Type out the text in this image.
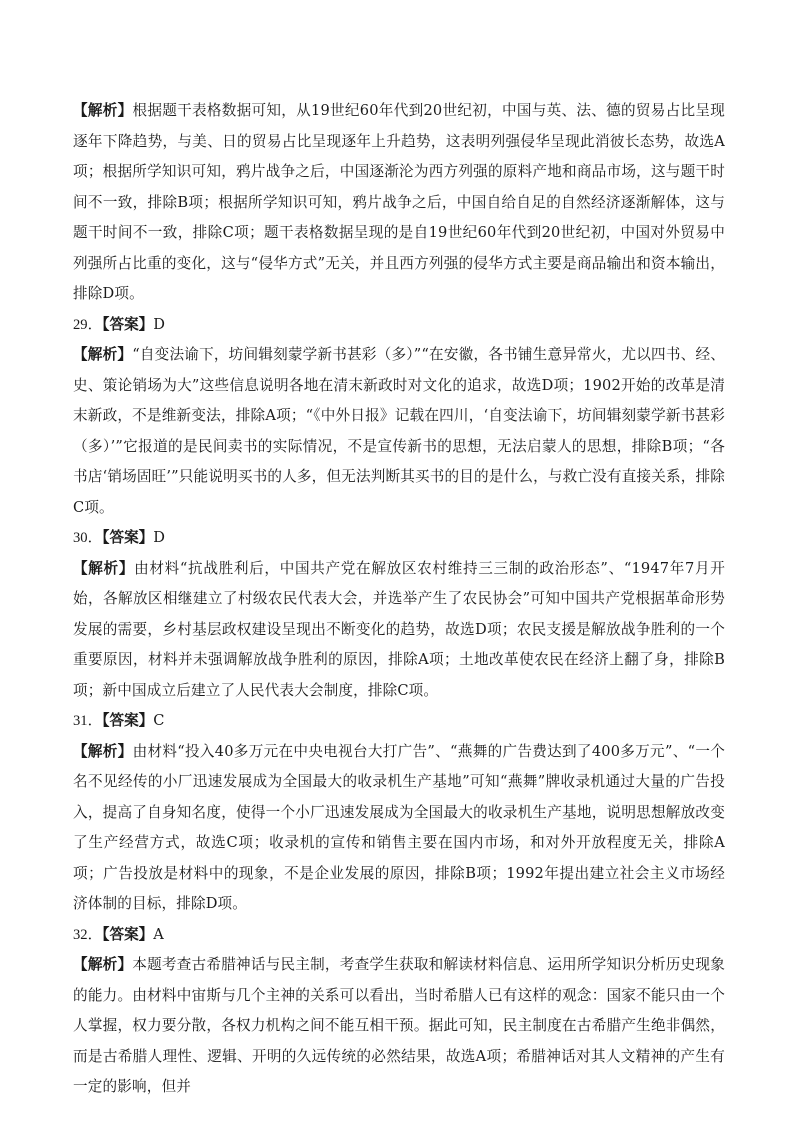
【解析】根据题干表格数据可知，从19世纪60年代到20世纪初，中国与英、法、德的贸易占比呈现逐年下降趋势，与美、日的贸易占比呈现逐年上升趋势，这表明列强侵华呈现此消彼长态势，故选A项；根据所学知识可知，鸦片战争之后，中国逐渐沦为西方列强的原料产地和商品市场，这与题干时间不一致，排除B项；根据所学知识可知，鸦片战争之后，中国自给自足的自然经济逐渐解体，这与题干时间不一致，排除C项；题干表格数据呈现的是自19世纪60年代到20世纪初，中国对外贸易中列强所占比重的变化，这与“侵华方式”无关，并且西方列强的侵华方式主要是商品输出和资本输出，排除D项。

29．【答案】D

【解析】“自变法谕下，坊间辑刻蒙学新书甚彩（多）”“在安徽，各书铺生意异常火，尤以四书、经、史、策论销场为大”这些信息说明各地在清末新政时对文化的追求，故选D项；1902开始的改革是清末新政，不是维新变法，排除A项；“《中外日报》记载在四川，‘自变法谕下，坊间辑刻蒙学新书甚彩（多）’”它报道的是民间卖书的实际情况，不是宣传新书的思想，无法启蒙人的思想，排除B项；“各书店‘销场固旺’”只能说明买书的人多，但无法判断其买书的目的是什么，与救亡没有直接关系，排除C项。

30．【答案】D

【解析】由材料“抗战胜利后，中国共产党在解放区农村维持三三制的政治形态”、“1947年7月开始，各解放区相继建立了村级农民代表大会，并选举产生了农民协会”可知中国共产党根据革命形势发展的需要，乡村基层政权建设呈现出不断变化的趋势，故选D项；农民支援是解放战争胜利的一个重要原因，材料并未强调解放战争胜利的原因，排除A项；土地改革使农民在经济上翻了身，排除B项；新中国成立后建立了人民代表大会制度，排除C项。

31．【答案】C

【解析】由材料“投入40多万元在中央电视台大打广告”、“燕舞的广告费达到了400多万元”、“一个名不见经传的小厂迅速发展成为全国最大的收录机生产基地”可知“燕舞”牌收录机通过大量的广告投入，提高了自身知名度，使得一个小厂迅速发展成为全国最大的收录机生产基地，说明思想解放改变了生产经营方式，故选C项；收录机的宣传和销售主要在国内市场，和对外开放程度无关，排除A项；广告投放是材料中的现象，不是企业发展的原因，排除B项；1992年提出建立社会主义市场经济体制的目标，排除D项。

32．【答案】A

【解析】本题考查古希腊神话与民主制，考查学生获取和解读材料信息、运用所学知识分析历史现象的能力。由材料中宙斯与几个主神的关系可以看出，当时希腊人已有这样的观念：国家不能只由一个人掌握，权力要分散，各权力机构之间不能互相干预。据此可知，民主制度在古希腊产生绝非偶然，而是古希腊人理性、逻辑、开明的久远传统的必然结果，故选A项；希腊神话对其人文精神的产生有一定的影响，但并
